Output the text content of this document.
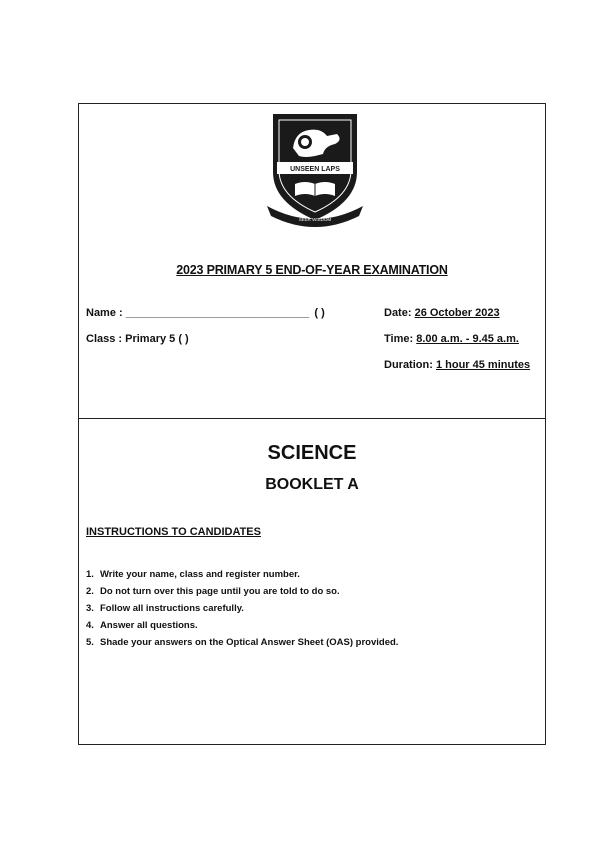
UNSEEN LAPS
SEEK WISDOM
2023 PRIMARY 5 END-OF-YEAR EXAMINATION
Name : ______________________________ ( )
Class : Primary 5 ( )
Date: 26 October 2023
Time: 8.00 a.m. - 9.45 a.m.
Duration: 1 hour 45 minutes
SCIENCE
BOOKLET A
INSTRUCTIONS TO CANDIDATES
1. Write your name, class and register number.
2. Do not turn over this page until you are told to do so.
3. Follow all instructions carefully.
4. Answer all questions.
5. Shade your answers on the Optical Answer Sheet (OAS) provided.
